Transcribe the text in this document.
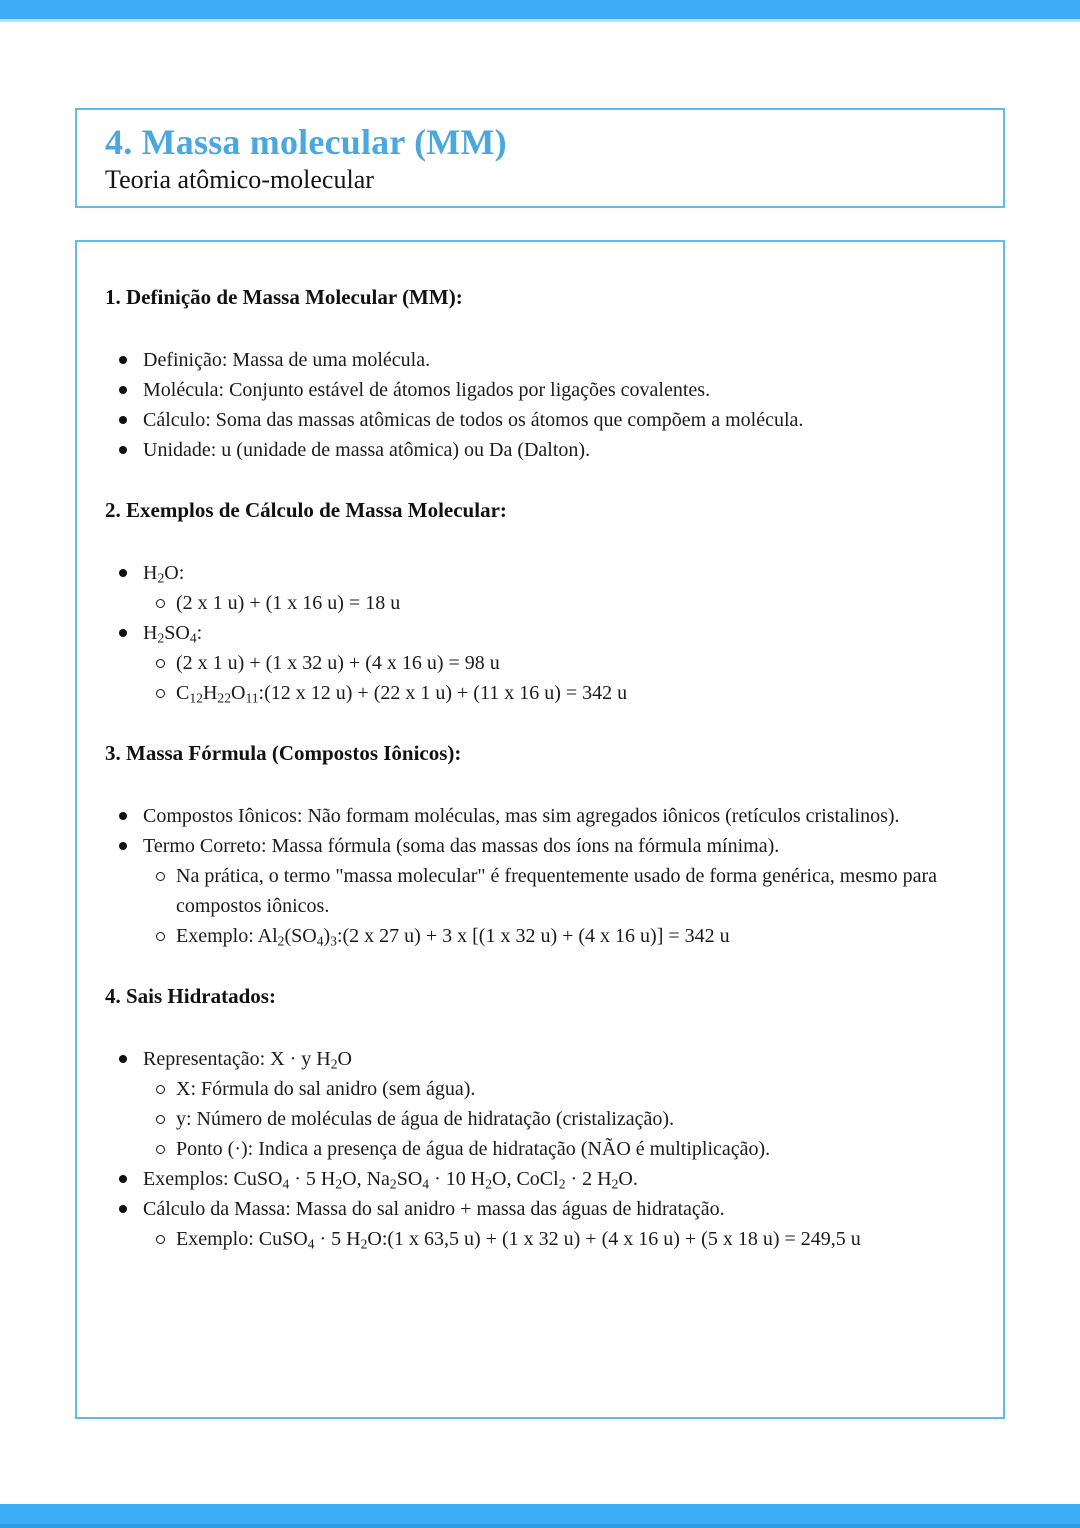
4. Massa molecular (MM)
Teoria atômico-molecular
1. Definição de Massa Molecular (MM):
Definição: Massa de uma molécula.
Molécula: Conjunto estável de átomos ligados por ligações covalentes.
Cálculo: Soma das massas atômicas de todos os átomos que compõem a molécula.
Unidade: u (unidade de massa atômica) ou Da (Dalton).
2. Exemplos de Cálculo de Massa Molecular:
$H_2O$:
(2 x 1 u) + (1 x 16 u) = 18 u
$H_2SO_4$:
(2 x 1 u) + (1 x 32 u) + (4 x 16 u) = 98 u
$C_{12}H_{22}O_{11}:(12$ x 12 u) + (22 x 1 u) + (11 x 16 u) = 342 u
3. Massa Fórmula (Compostos Iônicos):
Compostos Iônicos: Não formam moléculas, mas sim agregados iônicos (retículos cristalinos).
Termo Correto: Massa fórmula (soma das massas dos íons na fórmula mínima).
Na prática, o termo "massa molecular" é frequentemente usado de forma genérica, mesmo para compostos iônicos.
Exemplo: $Al_2(SO_4)_3:(2$ x 27 u) + 3 x [(1 x 32 u) + (4 x 16 u)] = 342 u
4. Sais Hidratados:
Representação: X · y $H_2O$
X: Fórmula do sal anidro (sem água).
y: Número de moléculas de água de hidratação (cristalização).
Ponto (·): Indica a presença de água de hidratação (NÃO é multiplicação).
Exemplos: CuSO$_4$ · 5 $H_2O$, $Na_2SO_4 \cdot 10$ $H_2O$, CoCl$_2$ · 2 $H_2O$.
Cálculo da Massa: Massa do sal anidro + massa das águas de hidratação.
Exemplo: CuSO$_4$ · 5 $H_2O:(1$ x 63,5 u) + (1 x 32 u) + (4 x 16 u) + (5 x 18 u) = 249,5 u
